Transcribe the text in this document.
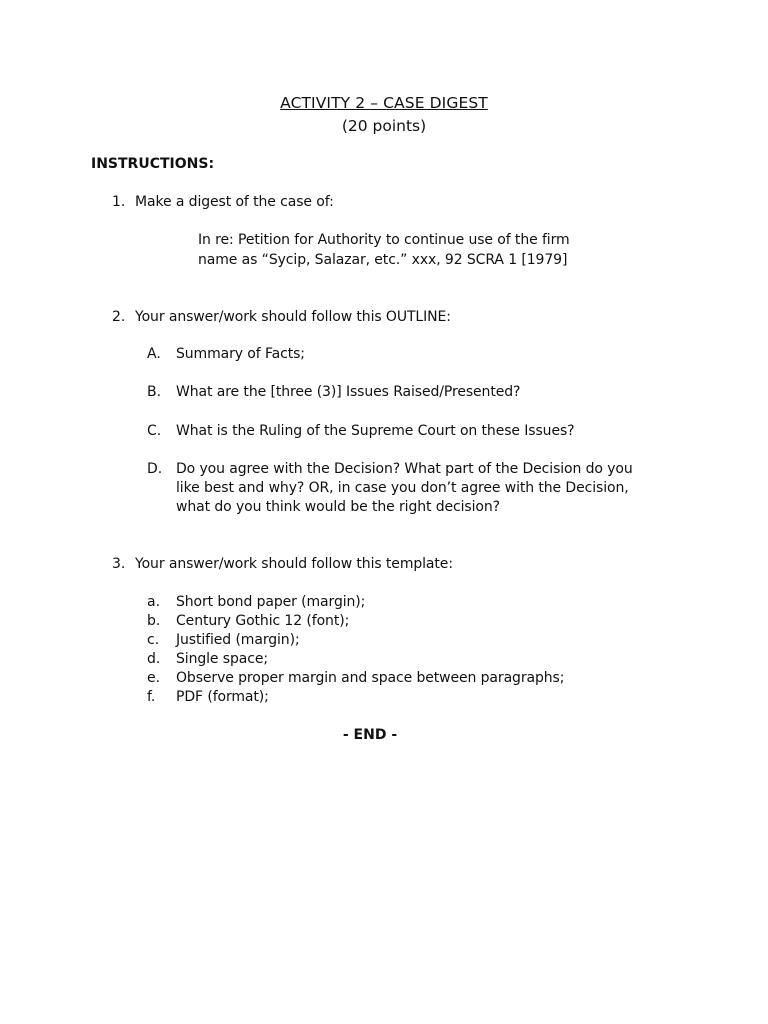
ACTIVITY 2 – CASE DIGEST
(20 points)
INSTRUCTIONS:
1. Make a digest of the case of:
In re: Petition for Authority to continue use of the firm
name as “Sycip, Salazar, etc.” xxx, 92 SCRA 1 [1979]
2. Your answer/work should follow this OUTLINE:
A. Summary of Facts;
B. What are the [three (3)] Issues Raised/Presented?
C. What is the Ruling of the Supreme Court on these Issues?
D. Do you agree with the Decision? What part of the Decision do you
like best and why? OR, in case you don’t agree with the Decision,
what do you think would be the right decision?
3. Your answer/work should follow this template:
a. Short bond paper (margin);
b. Century Gothic 12 (font);
c. Justified (margin);
d. Single space;
e. Observe proper margin and space between paragraphs;
f. PDF (format);
- END -
